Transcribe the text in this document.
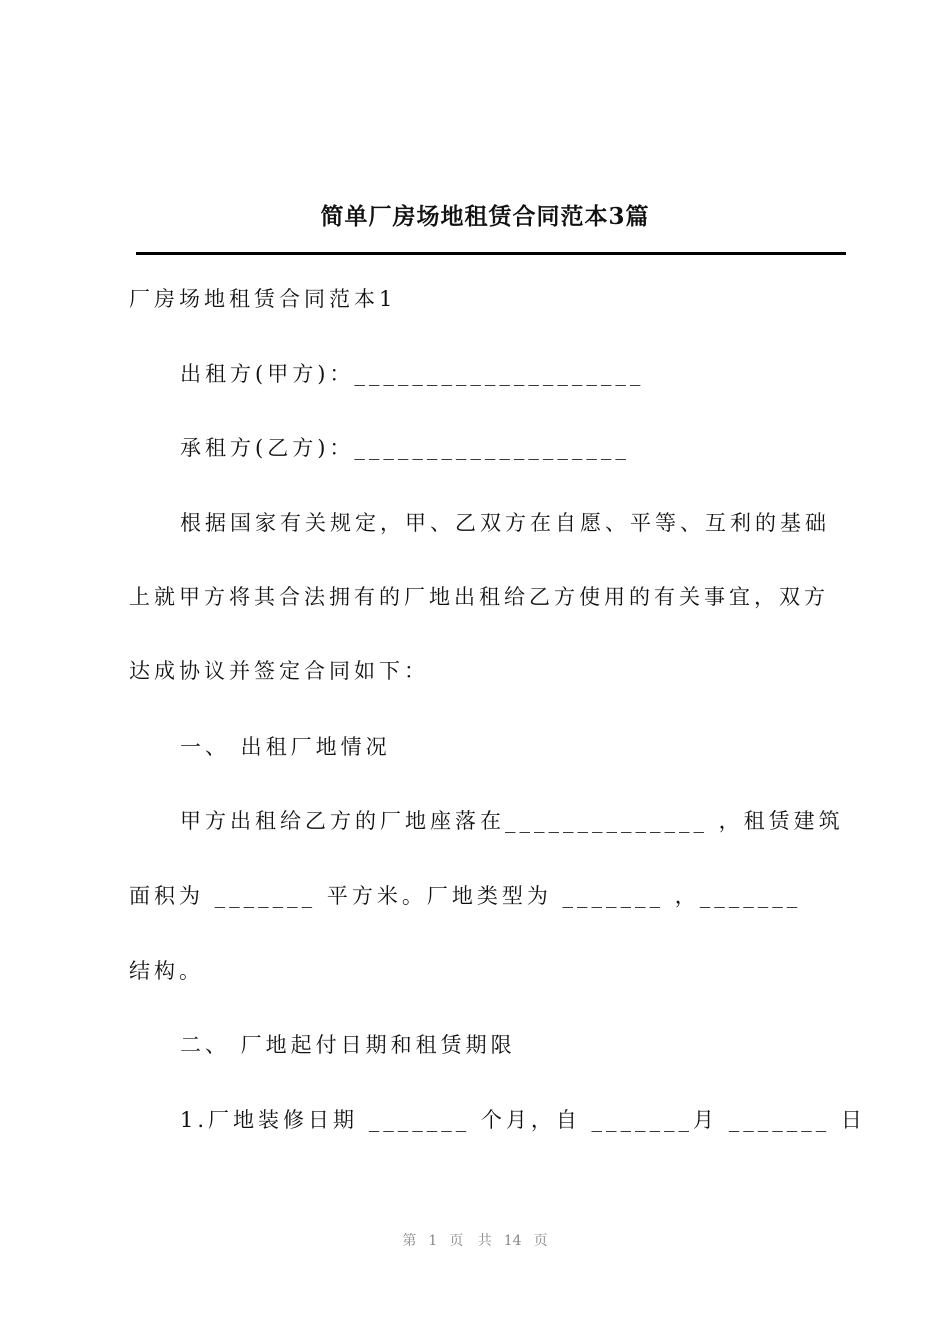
简单厂房场地租赁合同范本3篇
厂房场地租赁合同范本1
出租方(甲方)：____________________
承租方(乙方)：___________________
根据国家有关规定，甲、乙双方在自愿、平等、互利的基础
上就甲方将其合法拥有的厂地出租给乙方使用的有关事宜，双方
达成协议并签定合同如下：
一、 出租厂地情况
甲方出租给乙方的厂地座落在______________ ，租赁建筑
面积为 _______ 平方米。厂地类型为 _______ ，_______
结构。
二、 厂地起付日期和租赁期限
1.厂地装修日期 _______ 个月，自 _______月 _______ 日
第 1 页 共 14 页
